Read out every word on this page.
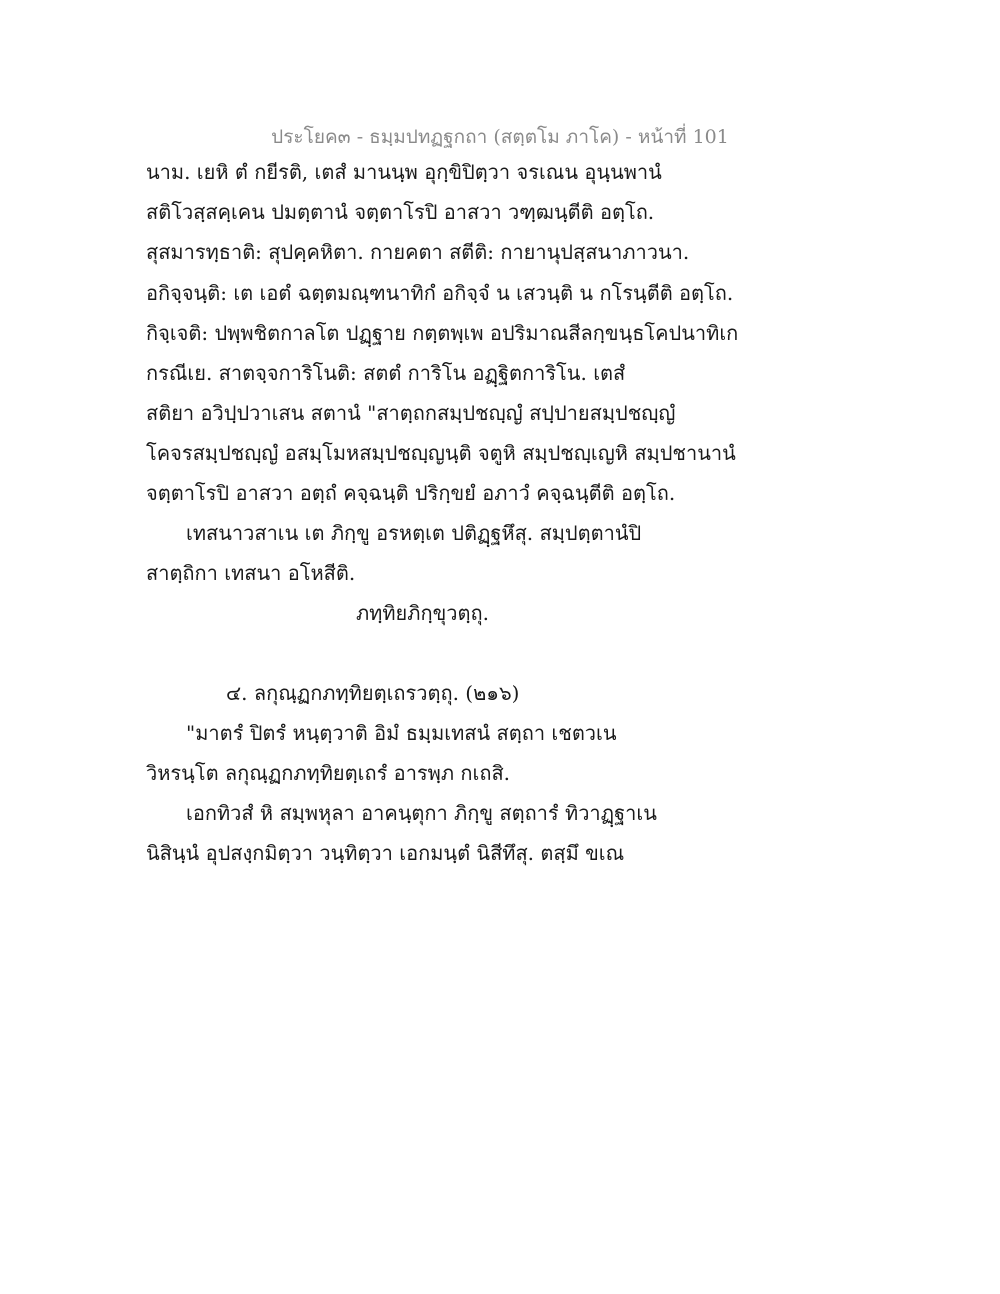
ประโยค๓ - ธมฺมปทฏฐกถา (สตฺตโม ภาโค) - หน้าที่ 101
นาม. เยหิ ตํ กยีรติ, เตสํ มานนฺพ อุกฺขิปิตฺวา จรเณน อุนฺนพานํ
สติโวสฺสคฺเคน ปมตฺตานํ จตฺตาโรปิ อาสวา วฑฺฒนฺตีติ อตฺโถ.
สุสมารทฺธาติ: สุปคฺคหิตา. กายคตา สตีติ: กายานุปสฺสนาภาวนา.
อกิจฺจนฺติ: เต เอตํ ฉตฺตมณฺฑนาทิกํ อกิจฺจํ น เสวนฺติ น กโรนฺตีติ อตฺโถ.
กิจฺเจติ: ปพฺพชิตกาลโต ปฏฺฐาย กตฺตพฺเพ อปริมาณสีลกฺขนฺธโคปนาทิเก
กรณีเย. สาตจฺจการิโนติ: สตตํ การิโน อฏฺฐิตการิโน. เตสํ
สติยา อวิปฺปวาเสน สตานํ "สาตฺถกสมฺปชญฺญํ สปฺปายสมฺปชญฺญํ
โคจรสมฺปชญฺญํ อสมฺโมหสมฺปชญฺญนฺติ จตูหิ สมฺปชญฺเญหิ สมฺปชานานํ
จตฺตาโรปิ อาสวา อตฺถํ คจฺฉนฺติ ปริกฺขยํ อภาวํ คจฺฉนฺตีติ อตฺโถ.
เทสนาวสาเน เต ภิกฺขู อรหตฺเต ปติฏฺฐหึสุ. สมฺปตฺตานํปิ
สาตฺถิกา เทสนา อโหสีติ.
ภทฺทิยภิกฺขุวตฺถุ.
๔. ลกุณฺฏกภทฺทิยตฺเถรวตฺถุ. (๒๑๖)
"มาตรํ ปิตรํ หนฺตฺวาติ อิมํ ธมฺมเทสนํ สตฺถา เชตวเน
วิหรนฺโต ลกุณฺฏกภทฺทิยตฺเถรํ อารพฺภ กเถสิ.
เอกทิวสํ หิ สมฺพหุลา อาคนฺตุกา ภิกฺขู สตฺถารํ ทิวาฏฺฐาเน
นิสินฺนํ อุปสงฺกมิตฺวา วนฺทิตฺวา เอกมนฺตํ นิสีทึสุ. ตสฺมึ ขเณ
